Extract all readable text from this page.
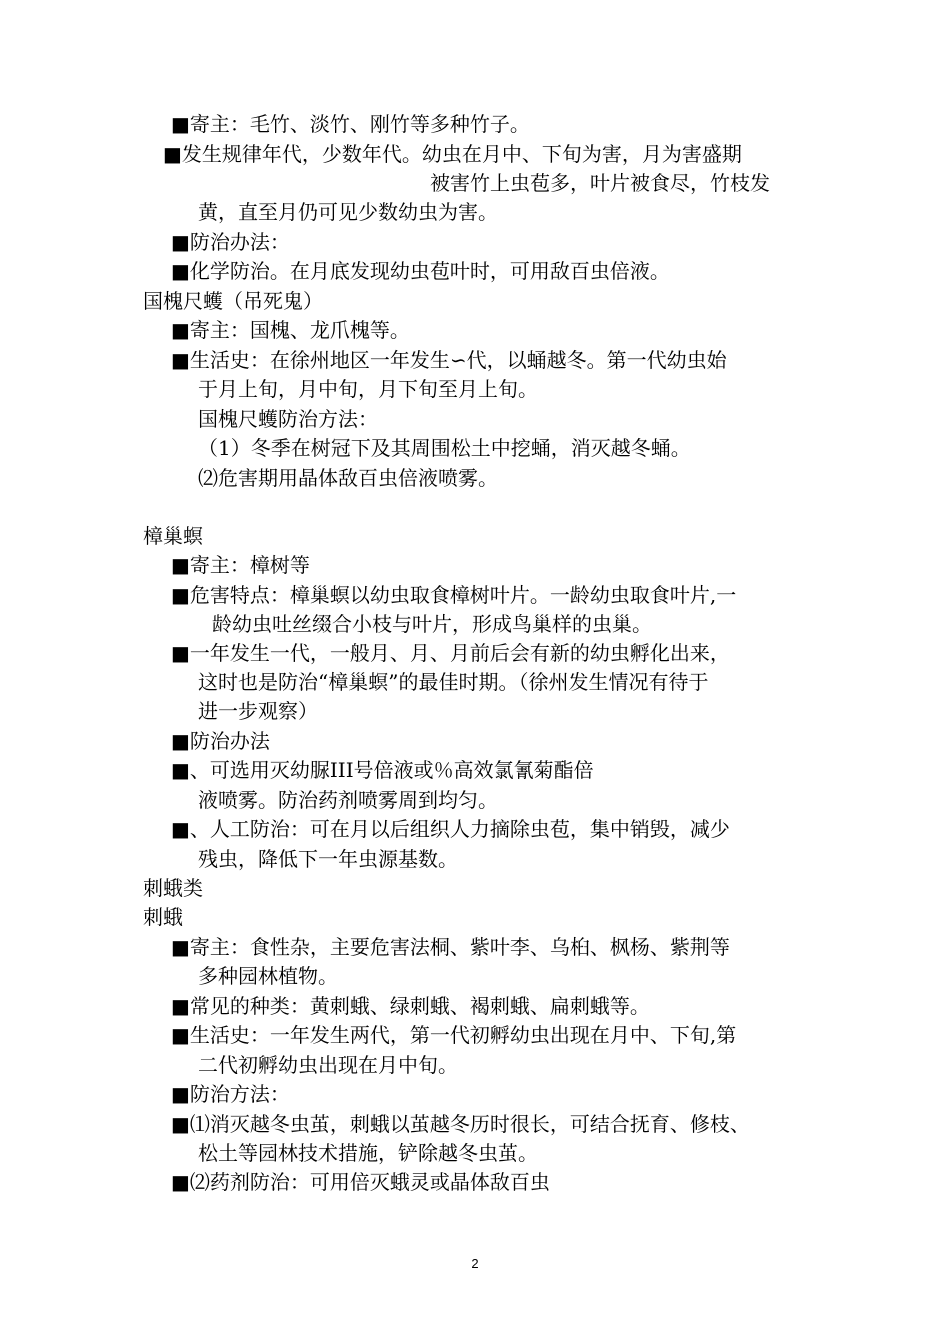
■寄主：毛竹、淡竹、刚竹等多种竹子。
■发生规律年代，少数年代。幼虫在月中、下旬为害，月为害盛期
被害竹上虫苞多，叶片被食尽，竹枝发
黄，直至月仍可见少数幼虫为害。
■防治办法：
■化学防治。在月底发现幼虫苞叶时，可用敌百虫倍液。
国槐尺蠖（吊死鬼）
■寄主：国槐、龙爪槐等。
■生活史：在徐州地区一年发生∽代，以蛹越冬。第一代幼虫始
于月上旬，月中旬，月下旬至月上旬。
国槐尺蠖防治方法：
（1）冬季在树冠下及其周围松土中挖蛹，消灭越冬蛹。
⑵危害期用晶体敌百虫倍液喷雾。
樟巢螟
■寄主：樟树等
■危害特点：樟巢螟以幼虫取食樟树叶片。一龄幼虫取食叶片,一
龄幼虫吐丝缀合小枝与叶片，形成鸟巢样的虫巢。
■一年发生一代，一般月、月、月前后会有新的幼虫孵化出来，
这时也是防治“樟巢螟”的最佳时期。（徐州发生情况有待于
进一步观察）
■防治办法
■、可选用灭幼脲III号倍液或％高效氯氰菊酯倍
液喷雾。防治药剂喷雾周到均匀。
■、人工防治：可在月以后组织人力摘除虫苞，集中销毁，减少
残虫，降低下一年虫源基数。
刺蛾类
刺蛾
■寄主：食性杂，主要危害法桐、紫叶李、乌桕、枫杨、紫荆等
多种园林植物。
■常见的种类：黄刺蛾、绿刺蛾、褐刺蛾、扁刺蛾等。
■生活史：一年发生两代，第一代初孵幼虫出现在月中、下旬,第
二代初孵幼虫出现在月中旬。
■防治方法：
■⑴消灭越冬虫茧，刺蛾以茧越冬历时很长，可结合抚育、修枝、
松土等园林技术措施，铲除越冬虫茧。
■⑵药剂防治：可用倍灭蛾灵或晶体敌百虫
2
